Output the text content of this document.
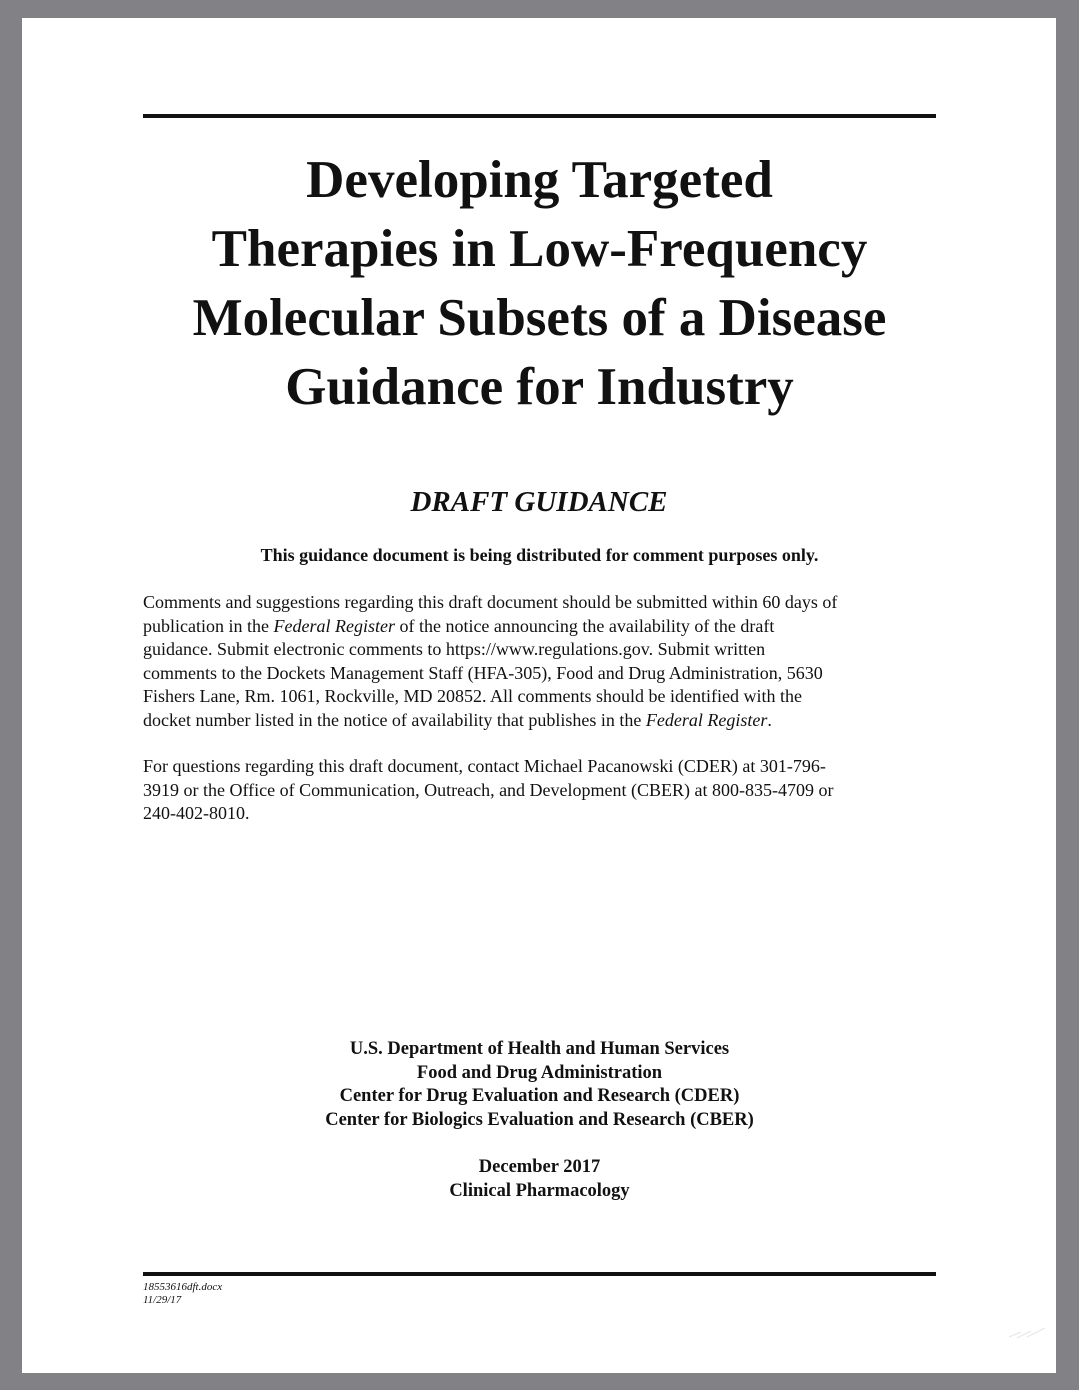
Developing Targeted
Therapies in Low-Frequency
Molecular Subsets of a Disease
Guidance for Industry
DRAFT GUIDANCE
This guidance document is being distributed for comment purposes only.
Comments and suggestions regarding this draft document should be submitted within 60 days of
publication in the Federal Register of the notice announcing the availability of the draft
guidance. Submit electronic comments to https://www.regulations.gov. Submit written
comments to the Dockets Management Staff (HFA-305), Food and Drug Administration, 5630
Fishers Lane, Rm. 1061, Rockville, MD 20852. All comments should be identified with the
docket number listed in the notice of availability that publishes in the Federal Register.
For questions regarding this draft document, contact Michael Pacanowski (CDER) at 301-796-
3919 or the Office of Communication, Outreach, and Development (CBER) at 800-835-4709 or
240-402-8010.
U.S. Department of Health and Human Services
Food and Drug Administration
Center for Drug Evaluation and Research (CDER)
Center for Biologics Evaluation and Research (CBER)
December 2017
Clinical Pharmacology
18553616dft.docx
11/29/17
